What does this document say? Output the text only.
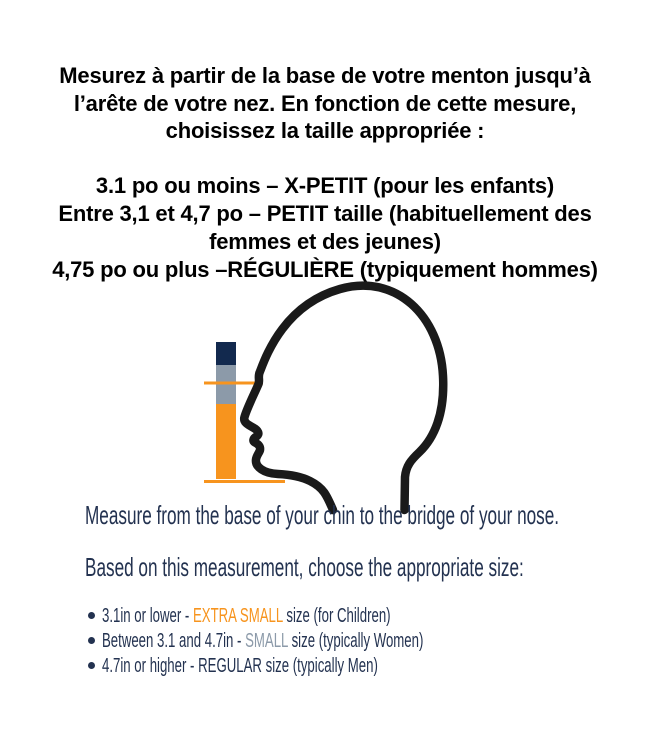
Mesurez à partir de la base de votre menton jusqu’à
l’arête de votre nez. En fonction de cette mesure,
choisissez la taille appropriée :
3.1 po ou moins – X-PETIT (pour les enfants)
Entre 3,1 et 4,7 po – PETIT taille (habituellement des
femmes et des jeunes)
4,75 po ou plus –RÉGULIÈRE (typiquement hommes)
Measure from the base of your chin to the bridge of your nose.
Based on this measurement, choose the appropriate size:
3.1in or lower - EXTRA SMALL size (for Children)
Between 3.1 and 4.7in - SMALL size (typically Women)
4.7in or higher - REGULAR size (typically Men)
